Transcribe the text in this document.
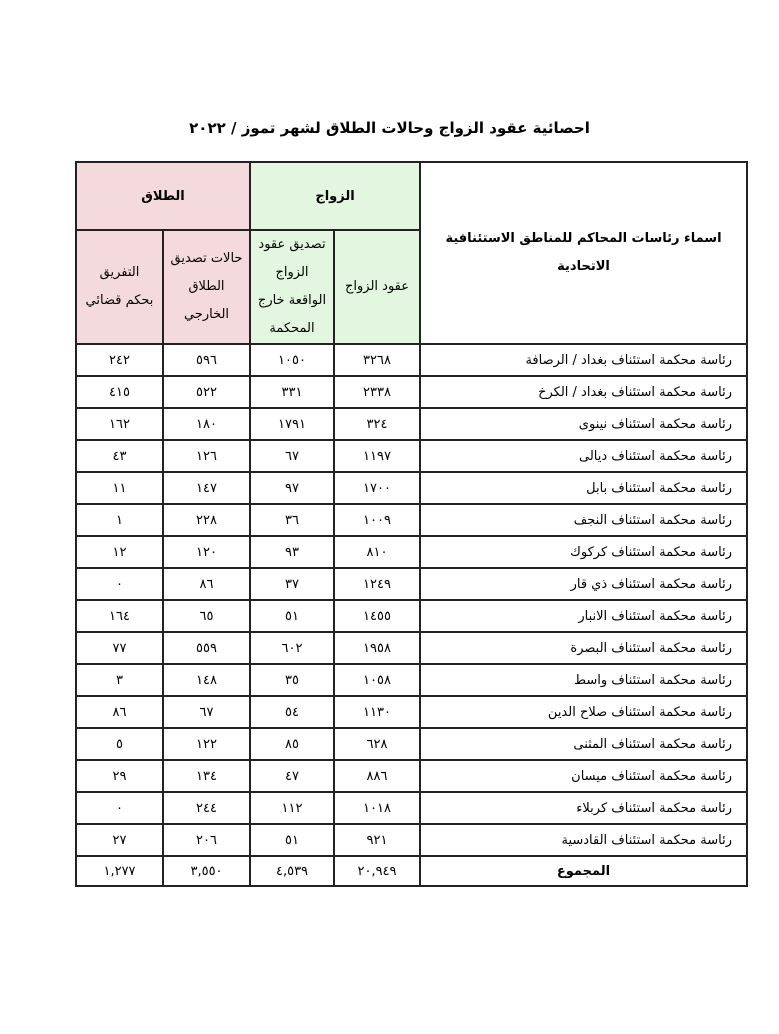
احصائية عقود الزواج وحالات الطلاق لشهر تموز / ٢٠٢٢
اسماء رئاسات المحاكم للمناطق الاستئنافية الاتحادية	الزواج		الطلاق	
	عقود الزواج	تصديق عقود الزواج الواقعة خارج المحكمة	حالات تصديق الطلاق الخارجي	التفريق بحكم قضائي

رئاسة محكمة استئناف بغداد / الرصافة	٣٢٦٨	١٠٥٠	٥٩٦	٢٤٢
رئاسة محكمة استئناف بغداد / الكرخ	٢٣٣٨	٣٣١	٥٢٢	٤١٥
رئاسة محكمة استئناف نينوى	٣٢٤	١٧٩١	١٨٠	١٦٢
رئاسة محكمة استئناف ديالى	١١٩٧	٦٧	١٢٦	٤٣
رئاسة محكمة استئناف بابل	١٧٠٠	٩٧	١٤٧	١١
رئاسة محكمة استئناف النجف	١٠٠٩	٣٦	٢٢٨	١
رئاسة محكمة استئناف كركوك	٨١٠	٩٣	١٢٠	١٢
رئاسة محكمة استئناف ذي قار	١٢٤٩	٣٧	٨٦	٠
رئاسة محكمة استئناف الانبار	١٤٥٥	٥١	٦٥	١٦٤
رئاسة محكمة استئناف البصرة	١٩٥٨	٦٠٢	٥٥٩	٧٧
رئاسة محكمة استئناف واسط	١٠٥٨	٣٥	١٤٨	٣
رئاسة محكمة استئناف صلاح الدين	١١٣٠	٥٤	٦٧	٨٦
رئاسة محكمة استئناف المثنى	٦٢٨	٨٥	١٢٢	٥
رئاسة محكمة استئناف ميسان	٨٨٦	٤٧	١٣٤	٢٩
رئاسة محكمة استئناف كربلاء	١٠١٨	١١٢	٢٤٤	٠
رئاسة محكمة استئناف القادسية	٩٢١	٥١	٢٠٦	٢٧
المجموع	٢٠,٩٤٩	٤,٥٣٩	٣,٥٥٠	١,٢٧٧
